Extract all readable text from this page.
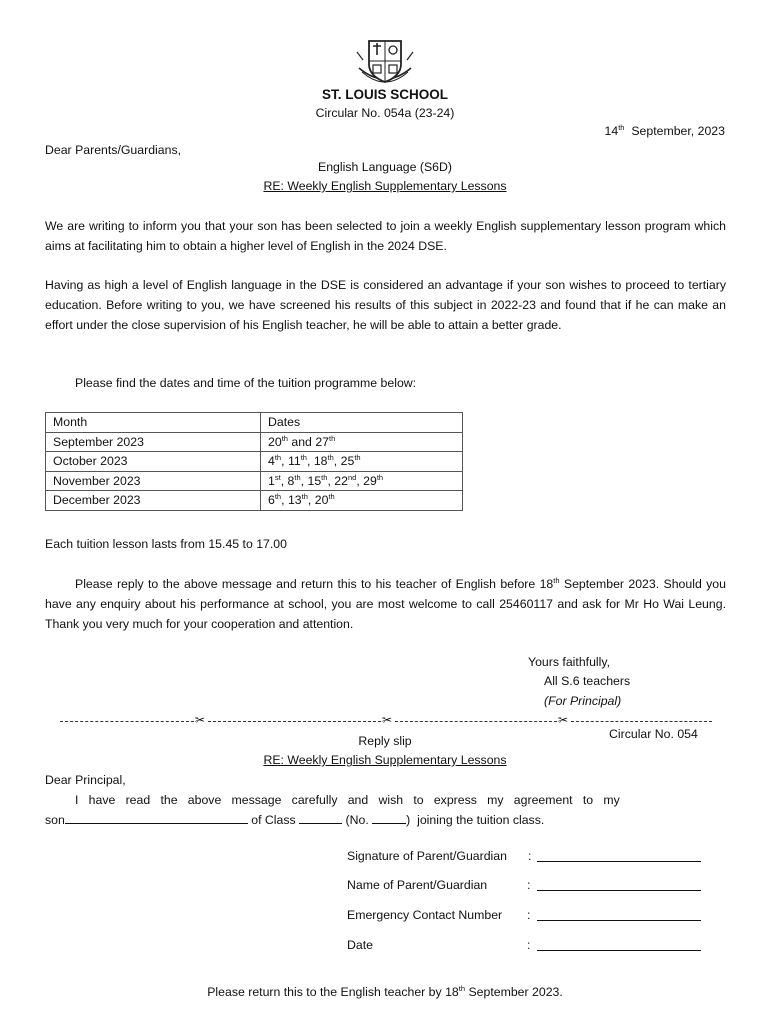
ST. LOUIS SCHOOL
Circular No. 054a (23-24)
14th September, 2023
Dear Parents/Guardians,
English Language (S6D)
RE: Weekly English Supplementary Lessons

We are writing to inform you that your son has been selected to join a weekly English supplementary lesson program which aims at facilitating him to obtain a higher level of English in the 2024 DSE.

Having as high a level of English language in the DSE is considered an advantage if your son wishes to proceed to tertiary education. Before writing to you, we have screened his results of this subject in 2022-23 and found that if he can make an effort under the close supervision of his English teacher, he will be able to attain a better grade.

Please find the dates and time of the tuition programme below:

Month	Dates
September 2023	20th and 27th
October 2023	4th, 11th, 18th, 25th
November 2023	1st, 8th, 15th, 22nd, 29th
December 2023	6th, 13th, 20th
Each tuition lesson lasts from 15.45 to 17.00

Please reply to the above message and return this to his teacher of English before 18th September 2023. Should you have any enquiry about his performance at school, you are most welcome to call 25460117 and ask for Mr Ho Wai Leung. Thank you very much for your cooperation and attention.

Yours faithfully,
All S.6 teachers
(For Principal)
✂	✂	✂
Circular No. 054
Reply slip
RE: Weekly English Supplementary Lessons
Dear Principal,
I   have   read   the   above   message   carefully   and   wish   to   express   my   agreement   to   my
son	of Class	(No.	)  joining the tuition class.
Signature of Parent/Guardian :
Name of Parent/Guardian	:
Emergency Contact Number :
Date	:
Please return this to the English teacher by 18th September 2023.
